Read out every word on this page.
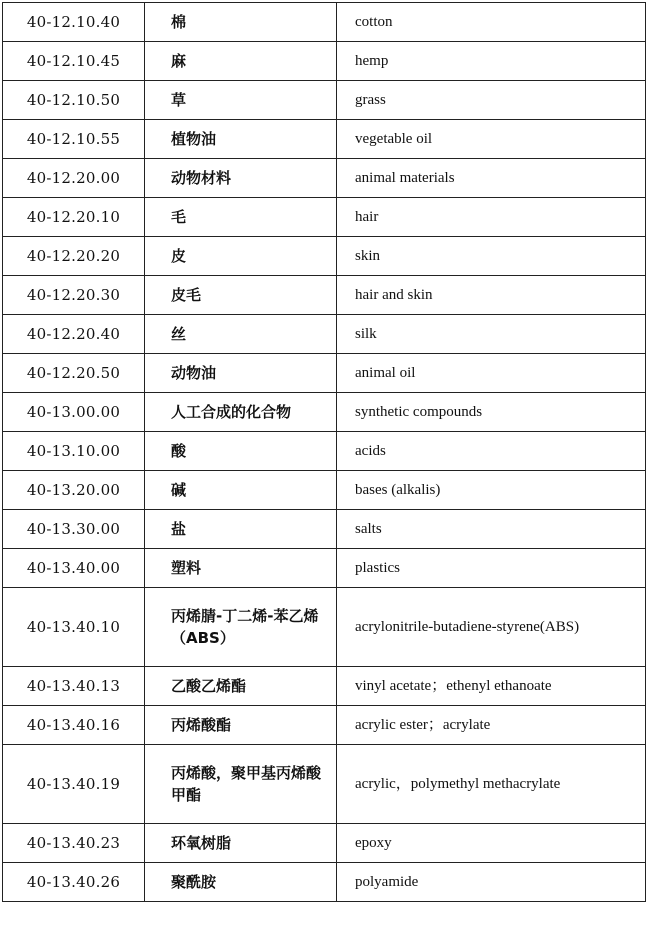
40-12.10.40	棉	cotton
40-12.10.45	麻	hemp
40-12.10.50	草	grass
40-12.10.55	植物油	vegetable oil
40-12.20.00	动物材料	animal materials
40-12.20.10	毛	hair
40-12.20.20	皮	skin
40-12.20.30	皮毛	hair and skin
40-12.20.40	丝	silk
40-12.20.50	动物油	animal oil
40-13.00.00	人工合成的化合物	synthetic compounds
40-13.10.00	酸	acids
40-13.20.00	碱	bases (alkalis)
40-13.30.00	盐	salts
40-13.40.00	塑料	plastics
40-13.40.10	丙烯腈-丁二烯-苯乙烯（ABS）	acrylonitrile-butadiene-styrene(ABS)
40-13.40.13	乙酸乙烯酯	vinyl acetate；ethenyl ethanoate
40-13.40.16	丙烯酸酯	acrylic ester；acrylate
40-13.40.19	丙烯酸，聚甲基丙烯酸甲酯	acrylic，polymethyl methacrylate
40-13.40.23	环氧树脂	epoxy
40-13.40.26	聚酰胺	polyamide
